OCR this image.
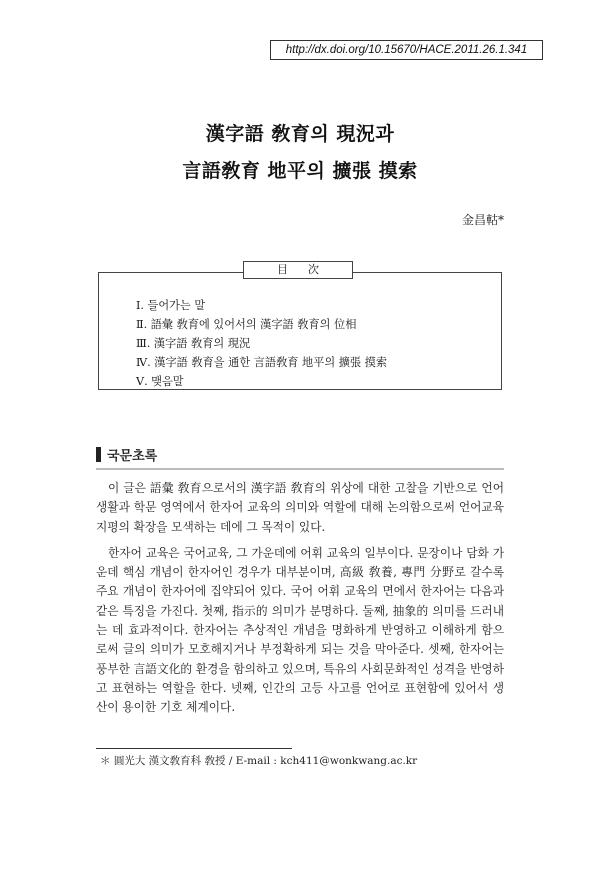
http://dx.doi.org/10.15670/HACE.2011.26.1.341
漢字語 敎育의 現況과
言語敎育 地平의 擴張 摸索
金昌軲*
目次
Ⅰ. 들어가는 말
Ⅱ. 語彙 敎育에 있어서의 漢字語 敎育의 位相
Ⅲ. 漢字語 敎育의 現況
Ⅳ. 漢字語 敎育을 通한 言語敎育 地平의 擴張 摸索
Ⅴ. 맺음말
국문초록

이 글은 語彙 敎育으로서의 漢字語 敎育의 위상에 대한 고찰을 기반으로 언어생활과 학문 영역에서 한자어 교육의 의미와 역할에 대해 논의함으로써 언어교육 지평의 확장을 모색하는 데에 그 목적이 있다.

한자어 교육은 국어교육, 그 가운데에 어휘 교육의 일부이다. 문장이나 담화 가운데 핵심 개념이 한자어인 경우가 대부분이며, 高級 敎養, 專門 分野로 갈수록 주요 개념이 한자어에 집약되어 있다. 국어 어휘 교육의 면에서 한자어는 다음과 같은 특징을 가진다. 첫째, 指示的 의미가 분명하다. 둘째, 抽象的 의미를 드러내는 데 효과적이다. 한자어는 추상적인 개념을 명화하게 반영하고 이해하게 함으로써 글의 의미가 모호해지거나 부정확하게 되는 것을 막아준다. 셋째, 한자어는 풍부한 言語文化的 환경을 함의하고 있으며, 특유의 사회문화적인 성격을 반영하고 표현하는 역할을 한다. 넷째, 인간의 고등 사고를 언어로 표현함에 있어서 생산이 용이한 기호 체계이다.

＊ 圓光大 漢文敎育科 敎授 / E-mail : kch411@wonkwang.ac.kr
